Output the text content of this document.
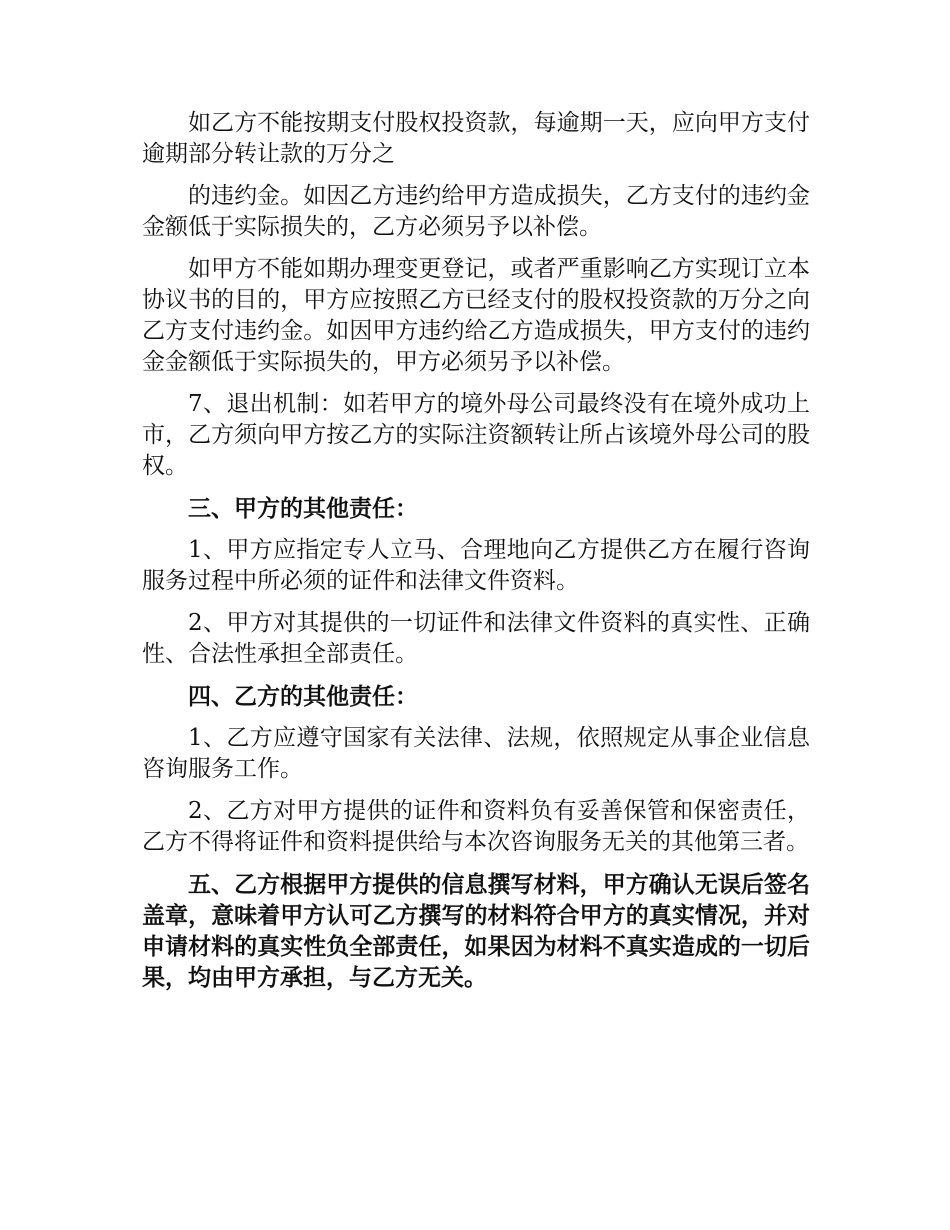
如乙方不能按期支付股权投资款，每逾期一天，应向甲方支付逾期部分转让款的万分之

的违约金。如因乙方违约给甲方造成损失，乙方支付的违约金金额低于实际损失的，乙方必须另予以补偿。

如甲方不能如期办理变更登记，或者严重影响乙方实现订立本协议书的目的，甲方应按照乙方已经支付的股权投资款的万分之向乙方支付违约金。如因甲方违约给乙方造成损失，甲方支付的违约金金额低于实际损失的，甲方必须另予以补偿。

7、退出机制：如若甲方的境外母公司最终没有在境外成功上市，乙方须向甲方按乙方的实际注资额转让所占该境外母公司的股权。

三、甲方的其他责任：

1、甲方应指定专人立马、合理地向乙方提供乙方在履行咨询服务过程中所必须的证件和法律文件资料。

2、甲方对其提供的一切证件和法律文件资料的真实性、正确性、合法性承担全部责任。

四、乙方的其他责任：

1、乙方应遵守国家有关法律、法规，依照规定从事企业信息咨询服务工作。

2、乙方对甲方提供的证件和资料负有妥善保管和保密责任，乙方不得将证件和资料提供给与本次咨询服务无关的其他第三者。

五、乙方根据甲方提供的信息撰写材料，甲方确认无误后签名盖章，意味着甲方认可乙方撰写的材料符合甲方的真实情况，并对申请材料的真实性负全部责任，如果因为材料不真实造成的一切后果，均由甲方承担，与乙方无关。
